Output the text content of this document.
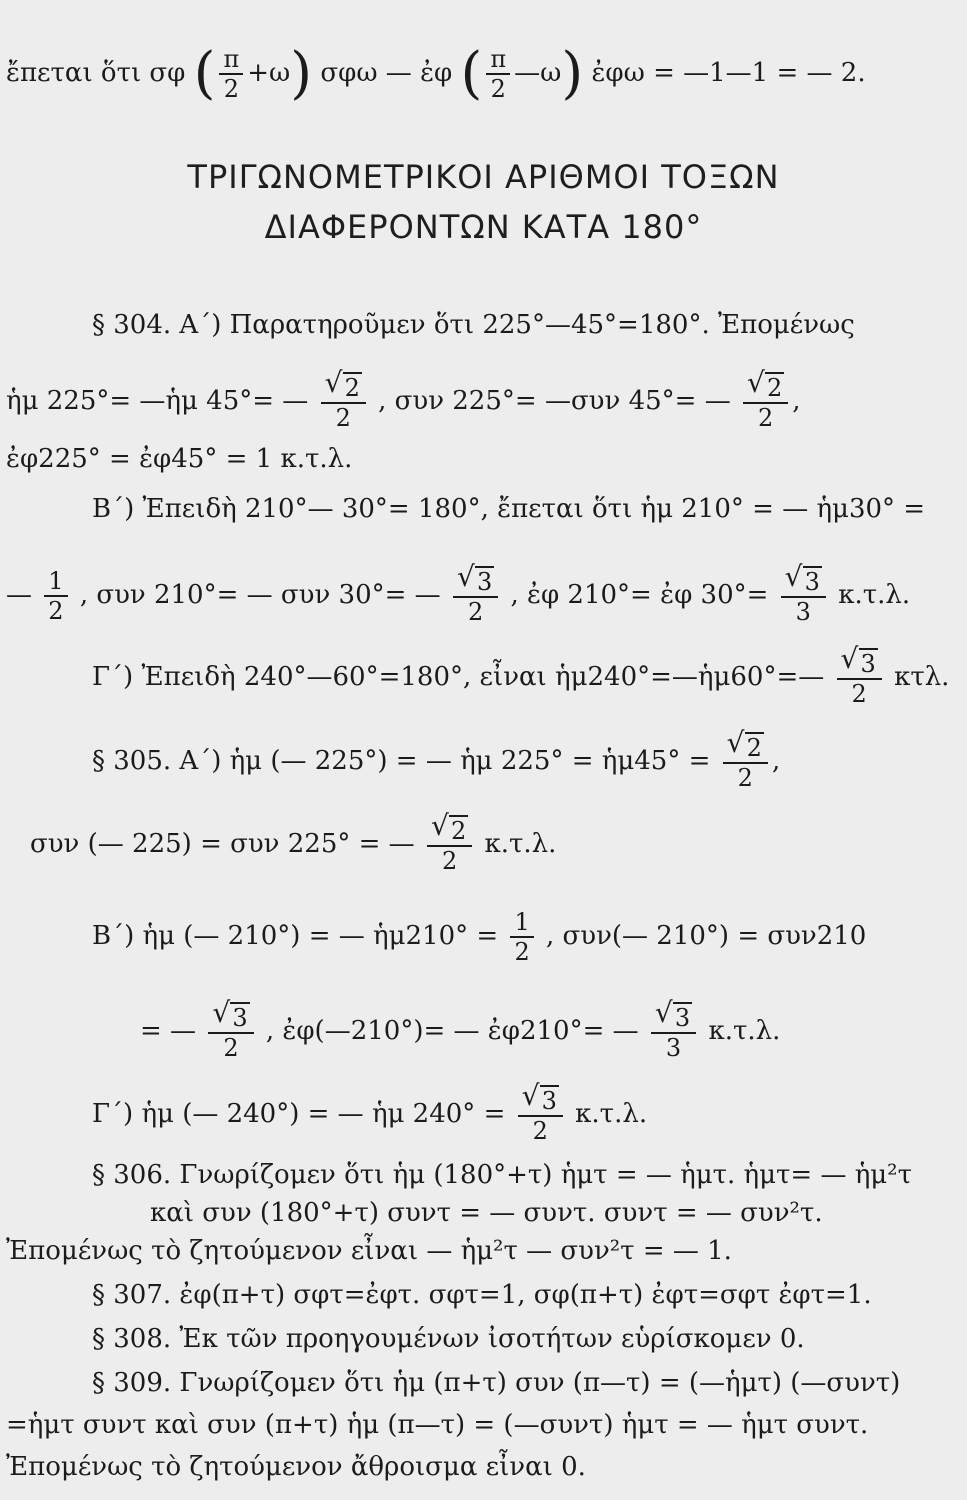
ἔπεται ὅτι σφ ( $\frac{\pi}{2} +\omega$) σφω — ἐφ ( $\frac{\pi}{2}$ —ω) ἐφω = —1—1 = — 2.
ΤΡΙΓΩΝΟΜΕΤΡΙΚΟΙ ΑΡΙΘΜΟΙ ΤΟΞΩΝ
ΔΙΑΦΕΡΟΝΤΩΝ ΚΑΤΑ 180°
§ 304. Α΄) Παρατηροῦμεν ὅτι 225°—45°=180°. Ἐπομένως
ἡμ 225°= —ἡμ 45°= — $\frac{√ 2}{2}$ , συν 225°= —συν 45°= — $\frac{√ 2}{2}$ ,
ἐφ225° = ἐφ45° = 1 κ.τ.λ.
Β΄) Ἐπειδὴ 210°— 30°= 180°, ἔπεται ὅτι ἡμ 210° = — ἡμ30° =
— $\frac{1}{2}$ , συν 210°= — συν 30°= — $\frac{√ 3}{2}$ , ἐφ 210°= ἐφ $30^\circ= \frac{√ 3}{3} \kappa.\tau.\lambda$.
Γ΄) Ἐπειδὴ 240°—60°=180°, εἶναι ἡμ240°=—ἡμ60°=— $\frac{√ 3}{2} \kappa\tau\lambda$.
§ 305. Α΄) ἡμ (— 225°) = — ἡμ 225° = ἡμ45° = $\frac{√ 2}{2}$ ,
συν (— 225) = συν 225° = — $\frac{√ 2}{2} \kappa.\tau.\lambda$.
Β΄) ἡμ (— 210°) = — ἡμ210° = $\frac{1}{2}$ , συν(— 210°) = συν210
= — $\frac{√ 3}{2}$ , ἐφ(—210°)= — ἐφ210°= — $\frac{√ 3}{3} \kappa.\tau.\lambda$.
Γ΄) ἡμ (— 240°) = — ἡμ $240^\circ = \frac{√ 3}{2} \kappa.\tau.\lambda$.
§ 306. Γνωρίζομεν ὅτι ἡμ (180°+τ) ἡμτ = — ἡμτ. ἡμτ= — ἡμ²τ
καὶ συν (180°+τ) συντ = — συντ. συντ = — συν²τ.
Ἐπομένως τὸ ζητούμενον εἶναι — ἡμ²τ — συν²τ = — 1.
§ 307. ἐφ(π+τ) σφτ=ἐφτ. σφτ=1, σφ(π+τ) ἐφτ=σφτ ἐφτ=1.
§ 308. Ἐκ τῶν προηγουμένων ἰσοτήτων εὑρίσκομεν 0.
§ 309. Γνωρίζομεν ὅτι ἡμ (π+τ) συν (π—τ) = (—ἡμτ) (—συντ)
=ἡμτ συντ καὶ συν (π+τ) ἡμ (π—τ) = (—συντ) ἡμτ = — ἡμτ συντ.
Ἐπομένως τὸ ζητούμενον ἄθροισμα εἶναι 0.
